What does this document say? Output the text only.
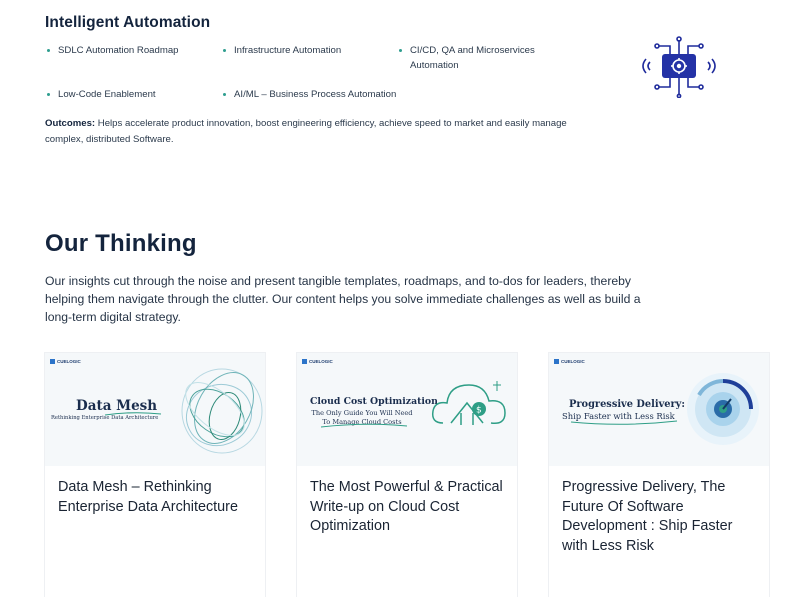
Intelligent Automation
SDLC Automation Roadmap	Infrastructure Automation	CI/CD, QA and Microservices Automation
Low-Code Enablement	AI/ML – Business Process Automation

Outcomes: Helps accelerate product innovation, boost engineering efficiency, achieve speed to market and easily manage complex, distributed Software.

Our Thinking

Our insights cut through the noise and present tangible templates, roadmaps, and to-dos for leaders, thereby helping them navigate through the clutter. Our content helps you solve immediate challenges as well as build a long-term digital strategy.

CUELOGIC
Data Mesh
Rethinking Enterprise Data Architecture
Data Mesh – Rethinking Enterprise Data Architecture
CUELOGIC
Cloud Cost Optimization
The Only Guide You Will Need To Manage Cloud Costs
$
The Most Powerful & Practical Write-up on Cloud Cost Optimization
CUELOGIC
Progressive Delivery:
Ship Faster with Less Risk
Progressive Delivery, The Future Of Software Development : Ship Faster with Less Risk
